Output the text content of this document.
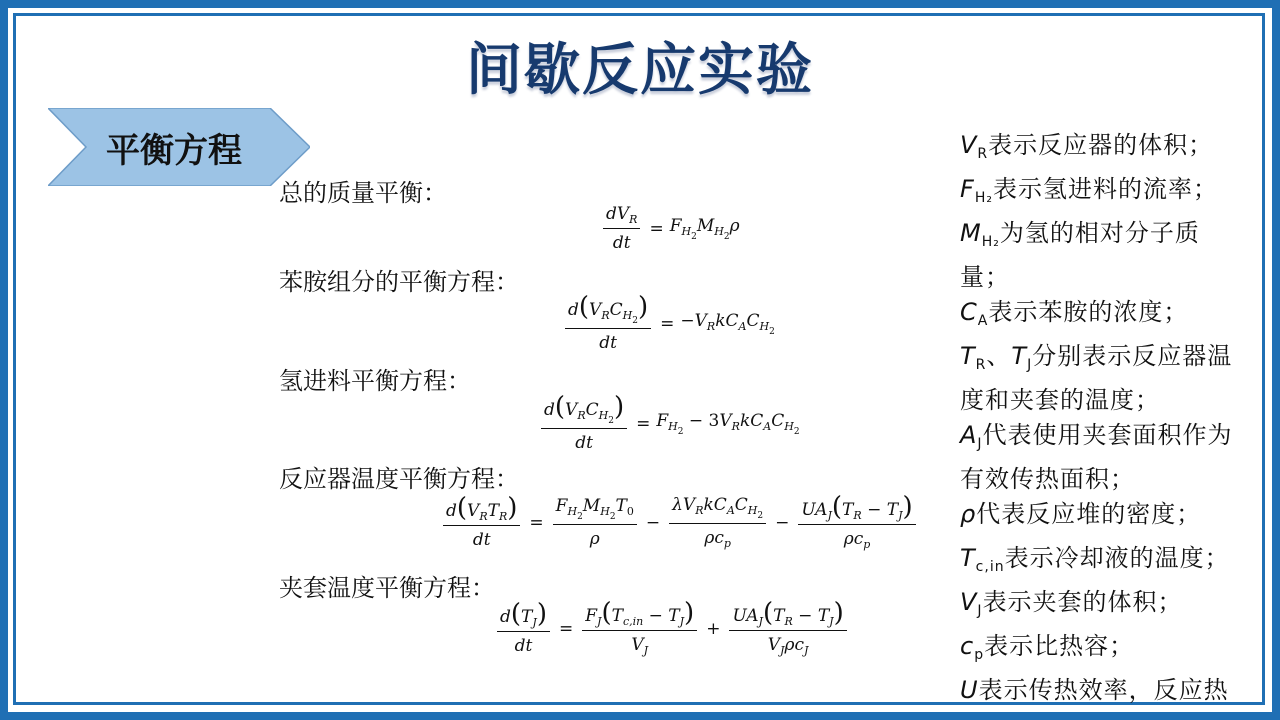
间歇反应实验
平衡方程
总的质量平衡：
苯胺组分的平衡方程：
氢进料平衡方程：
反应器温度平衡方程：
夹套温度平衡方程：
$\frac{dV_R}{dt} = F_{H_2}M_{H_2}\rho$
$\frac{d(V_RC_{H_2})}{dt} = -V_RkC_AC_{H_2}$
$\frac{d(V_RC_{H_2})}{dt} = F_{H_2} - 3V_RkC_AC_{H_2}$
$\frac{d(V_RT_R)}{dt} = \frac{F_{H_2}M_{H_2}T_0}{\rho} - \frac{\lambda V_RkC_AC_{H_2}}{\rho c_p} - \frac{UA_J(T_R - T_J)}{\rho c_p}$
$\frac{d(T_J)}{dt} = \frac{F_J(T_{c,in} - T_J)}{V_J} + \frac{UA_J(T_R - T_J)}{V_J\rho c_J}$
$V_R$表示反应器的体积；
$F_{H_2}$表示氢进料的流率；
$M_{H_2}$为氢的相对分子质量；
$C_A$表示苯胺的浓度；
$T_R$、$T_J$分别表示反应器温度和夹套的温度；
$A_J$代表使用夹套面积作为有效传热面积；
ρ代表反应堆的密度；
$T_{c,in}$表示冷却液的温度；
$V_J$表示夹套的体积；
$c_p$表示比热容；
U表示传热效率，反应热
